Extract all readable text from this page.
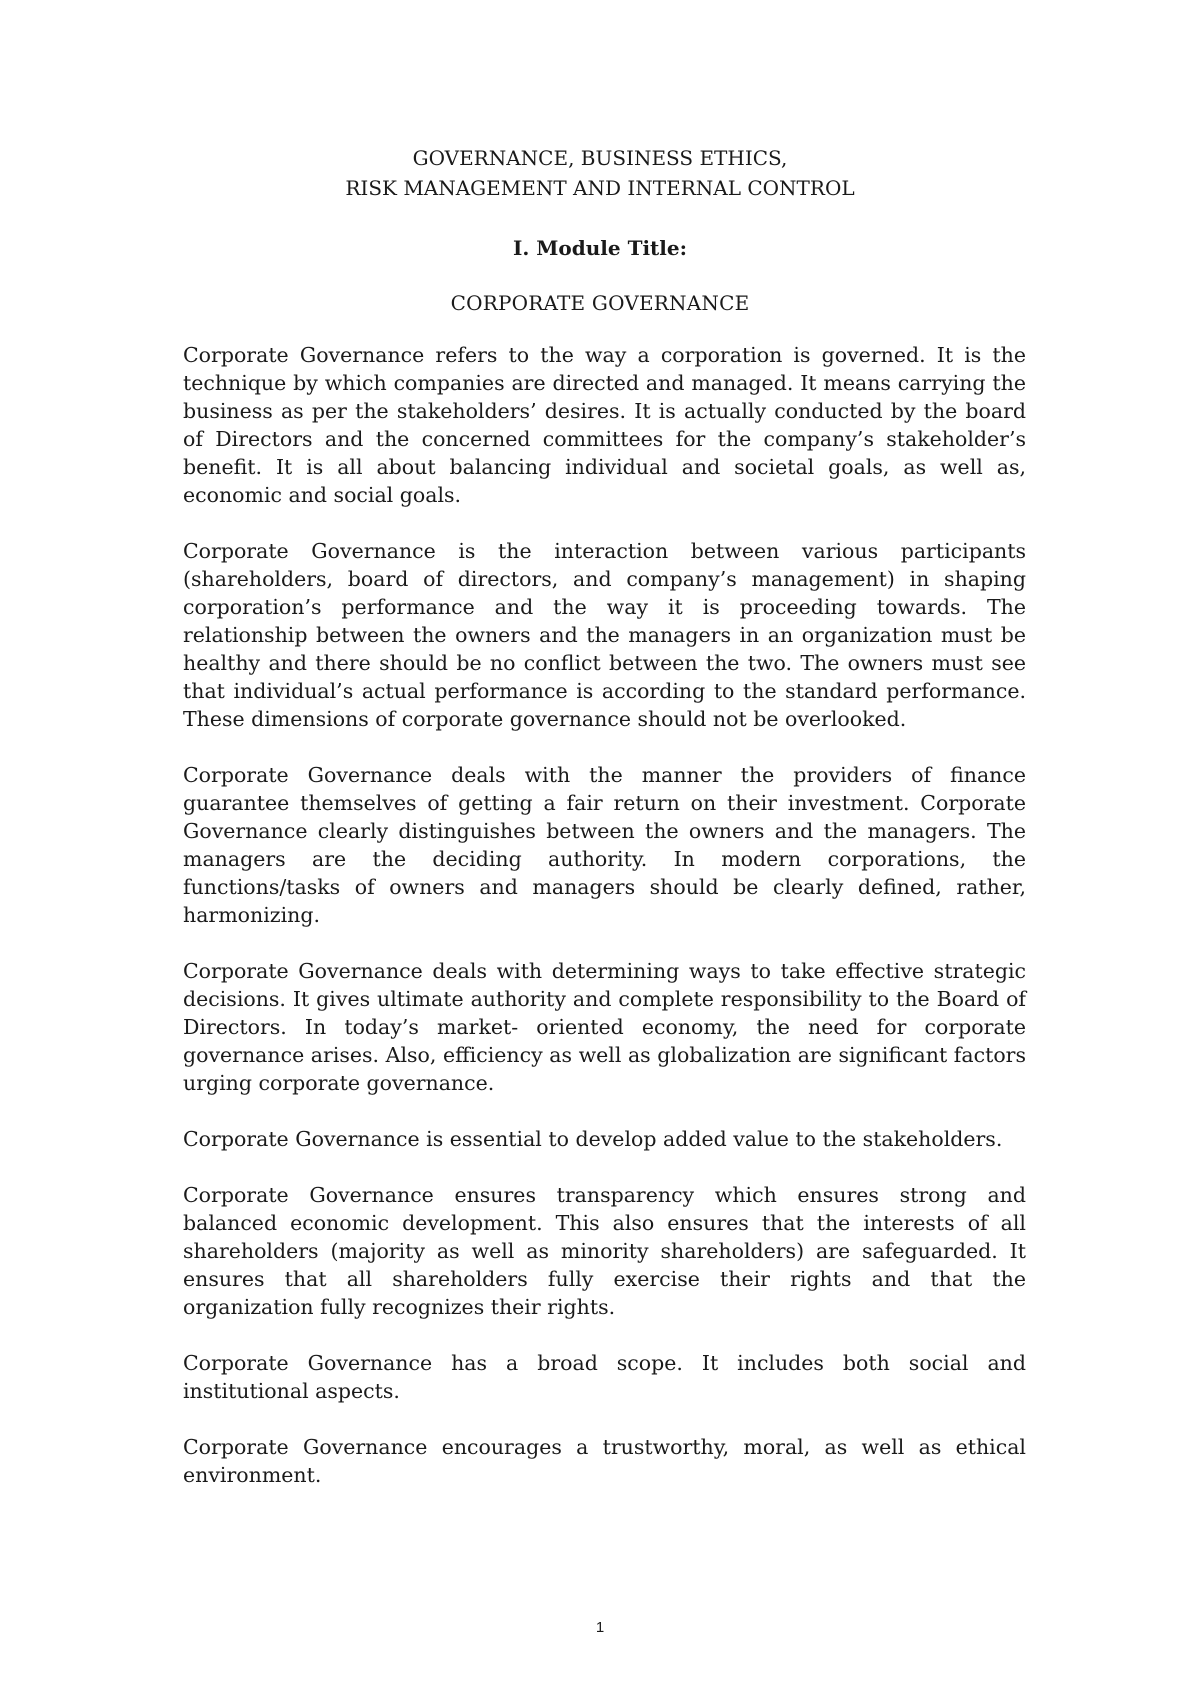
GOVERNANCE, BUSINESS ETHICS,
RISK MANAGEMENT AND INTERNAL CONTROL
I. Module Title:
CORPORATE GOVERNANCE

Corporate Governance refers to the way a corporation is governed. It is the technique by which companies are directed and managed. It means carrying the business as per the stakeholders’ desires. It is actually conducted by the board of Directors and the concerned committees for the company’s stakeholder’s benefit. It is all about balancing individual and societal goals, as well as, economic and social goals.

Corporate Governance is the interaction between various participants (shareholders, board of directors, and company’s management) in shaping corporation’s performance and the way it is proceeding towards. The relationship between the owners and the managers in an organization must be healthy and there should be no conflict between the two. The owners must see that individual’s actual performance is according to the standard performance. These dimensions of corporate governance should not be overlooked.

Corporate Governance deals with the manner the providers of finance guarantee themselves of getting a fair return on their investment. Corporate Governance clearly distinguishes between the owners and the managers. The managers are the deciding authority. In modern corporations, the functions/tasks of owners and managers should be clearly defined, rather, harmonizing.

Corporate Governance deals with determining ways to take effective strategic decisions. It gives ultimate authority and complete responsibility to the Board of Directors. In today’s market- oriented economy, the need for corporate governance arises. Also, efficiency as well as globalization are significant factors urging corporate governance.

Corporate Governance is essential to develop added value to the stakeholders.

Corporate Governance ensures transparency which ensures strong and balanced economic development. This also ensures that the interests of all shareholders (majority as well as minority shareholders) are safeguarded. It ensures that all shareholders fully exercise their rights and that the organization fully recognizes their rights.

Corporate Governance has a broad scope. It includes both social and institutional aspects.

Corporate Governance encourages a trustworthy, moral, as well as ethical environment.

1
